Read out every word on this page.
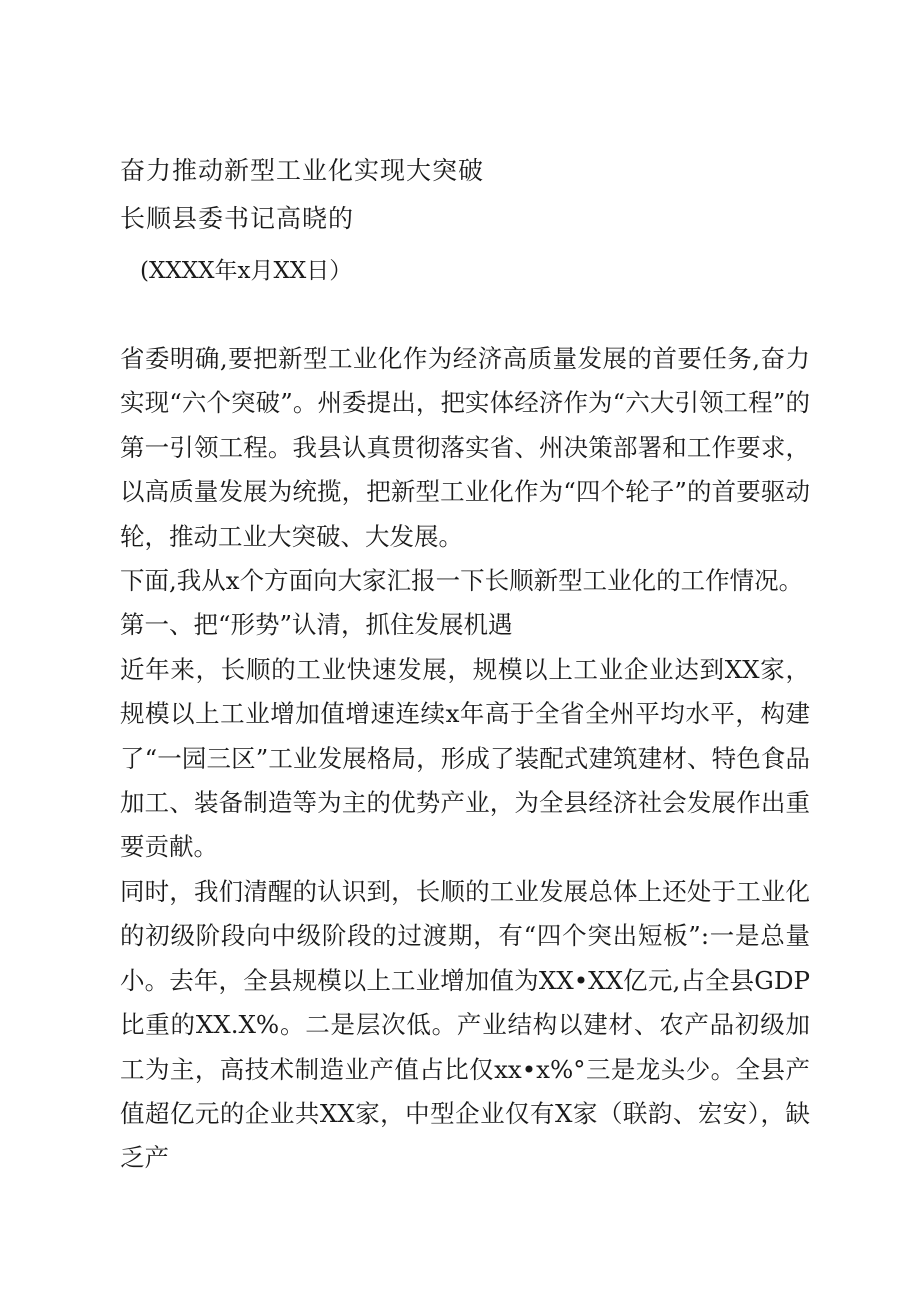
奋力推动新型工业化实现大突破
长顺县委书记高晓的
(XXXX年x月XX日）

省委明确,要把新型工业化作为经济高质量发展的首要任务,奋力实现“六个突破”。州委提出，把实体经济作为“六大引领工程”的第一引领工程。我县认真贯彻落实省、州决策部署和工作要求，以高质量发展为统揽，把新型工业化作为“四个轮子”的首要驱动轮，推动工业大突破、大发展。

下面,我从x个方面向大家汇报一下长顺新型工业化的工作情况。

第一、把“形势”认清，抓住发展机遇

近年来，长顺的工业快速发展，规模以上工业企业达到XX家，规模以上工业增加值增速连续x年高于全省全州平均水平，构建了“一园三区”工业发展格局，形成了装配式建筑建材、特色食品加工、装备制造等为主的优势产业，为全县经济社会发展作出重要贡献。

同时，我们清醒的认识到，长顺的工业发展总体上还处于工业化的初级阶段向中级阶段的过渡期，有“四个突出短板”:一是总量小。去年，全县规模以上工业增加值为XX•XX亿元,占全县GDP比重的XX.X%。二是层次低。产业结构以建材、农产品初级加工为主，高技术制造业产值占比仅xx•x%°三是龙头少。全县产值超亿元的企业共XX家，中型企业仅有X家（联韵、宏安），缺乏产
